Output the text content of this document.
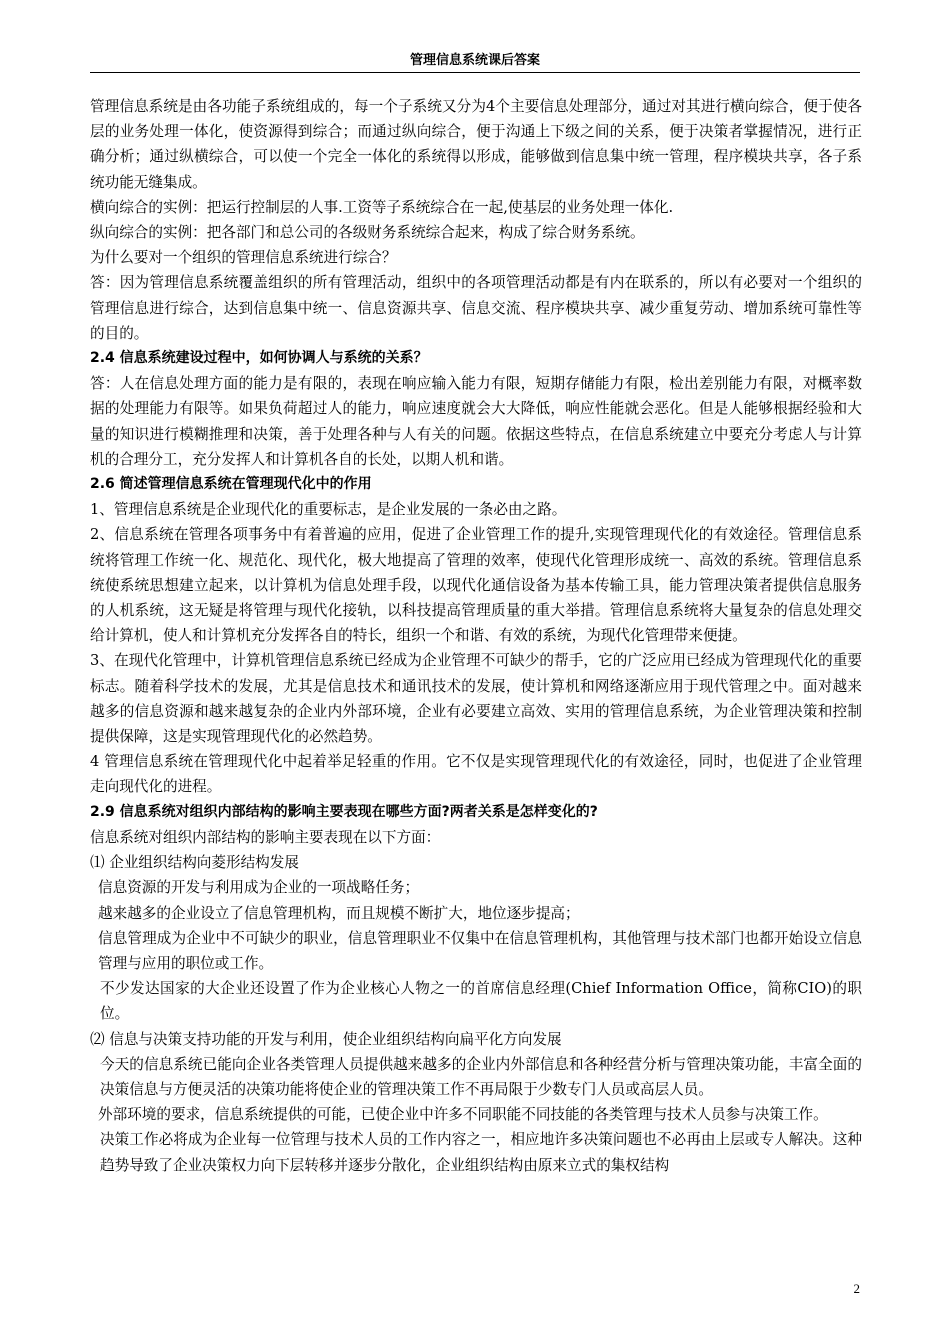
管理信息系统课后答案

管理信息系统是由各功能子系统组成的，每一个子系统又分为4个主要信息处理部分，通过对其进行横向综合，便于使各层的业务处理一体化，使资源得到综合；而通过纵向综合，便于沟通上下级之间的关系，便于决策者掌握情况，进行正确分析；通过纵横综合，可以使一个完全一体化的系统得以形成，能够做到信息集中统一管理，程序模块共享，各子系统功能无缝集成。

横向综合的实例：把运行控制层的人事.工资等子系统综合在一起,使基层的业务处理一体化.

纵向综合的实例：把各部门和总公司的各级财务系统综合起来，构成了综合财务系统。

为什么要对一个组织的管理信息系统进行综合？

答：因为管理信息系统覆盖组织的所有管理活动，组织中的各项管理活动都是有内在联系的，所以有必要对一个组织的管理信息进行综合，达到信息集中统一、信息资源共享、信息交流、程序模块共享、减少重复劳动、增加系统可靠性等的目的。

2.4 信息系统建设过程中，如何协调人与系统的关系？

答：人在信息处理方面的能力是有限的，表现在响应输入能力有限，短期存储能力有限，检出差别能力有限，对概率数据的处理能力有限等。如果负荷超过人的能力，响应速度就会大大降低，响应性能就会恶化。但是人能够根据经验和大量的知识进行模糊推理和决策，善于处理各种与人有关的问题。依据这些特点，在信息系统建立中要充分考虑人与计算机的合理分工，充分发挥人和计算机各自的长处，以期人机和谐。

2.6 简述管理信息系统在管理现代化中的作用

1、管理信息系统是企业现代化的重要标志，是企业发展的一条必由之路。

2、信息系统在管理各项事务中有着普遍的应用，促进了企业管理工作的提升,实现管理现代化的有效途径。管理信息系统将管理工作统一化、规范化、现代化，极大地提高了管理的效率，使现代化管理形成统一、高效的系统。管理信息系统使系统思想建立起来，以计算机为信息处理手段，以现代化通信设备为基本传输工具，能力管理决策者提供信息服务的人机系统，这无疑是将管理与现代化接轨，以科技提高管理质量的重大举措。管理信息系统将大量复杂的信息处理交给计算机，使人和计算机充分发挥各自的特长，组织一个和谐、有效的系统，为现代化管理带来便捷。

3、在现代化管理中，计算机管理信息系统已经成为企业管理不可缺少的帮手，它的广泛应用已经成为管理现代化的重要标志。随着科学技术的发展，尤其是信息技术和通讯技术的发展，使计算机和网络逐渐应用于现代管理之中。面对越来越多的信息资源和越来越复杂的企业内外部环境，企业有必要建立高效、实用的管理信息系统，为企业管理决策和控制提供保障，这是实现管理现代化的必然趋势。

4 管理信息系统在管理现代化中起着举足轻重的作用。它不仅是实现管理现代化的有效途径，同时，也促进了企业管理走向现代化的进程。

2.9 信息系统对组织内部结构的影响主要表现在哪些方面?两者关系是怎样变化的?

信息系统对组织内部结构的影响主要表现在以下方面：

⑴ 企业组织结构向菱形结构发展

信息资源的开发与利用成为企业的一项战略任务；

越来越多的企业设立了信息管理机构，而且规模不断扩大，地位逐步提高；

信息管理成为企业中不可缺少的职业，信息管理职业不仅集中在信息管理机构，其他管理与技术部门也都开始设立信息管理与应用的职位或工作。

不少发达国家的大企业还设置了作为企业核心人物之一的首席信息经理(Chief Information Office，简称CIO)的职位。

⑵ 信息与决策支持功能的开发与利用，使企业组织结构向扁平化方向发展

今天的信息系统已能向企业各类管理人员提供越来越多的企业内外部信息和各种经营分析与管理决策功能，丰富全面的决策信息与方便灵活的决策功能将使企业的管理决策工作不再局限于少数专门人员或高层人员。

外部环境的要求，信息系统提供的可能，已使企业中许多不同职能不同技能的各类管理与技术人员参与决策工作。

决策工作必将成为企业每一位管理与技术人员的工作内容之一，相应地许多决策问题也不必再由上层或专人解决。这种趋势导致了企业决策权力向下层转移并逐步分散化，企业组织结构由原来立式的集权结构

2
